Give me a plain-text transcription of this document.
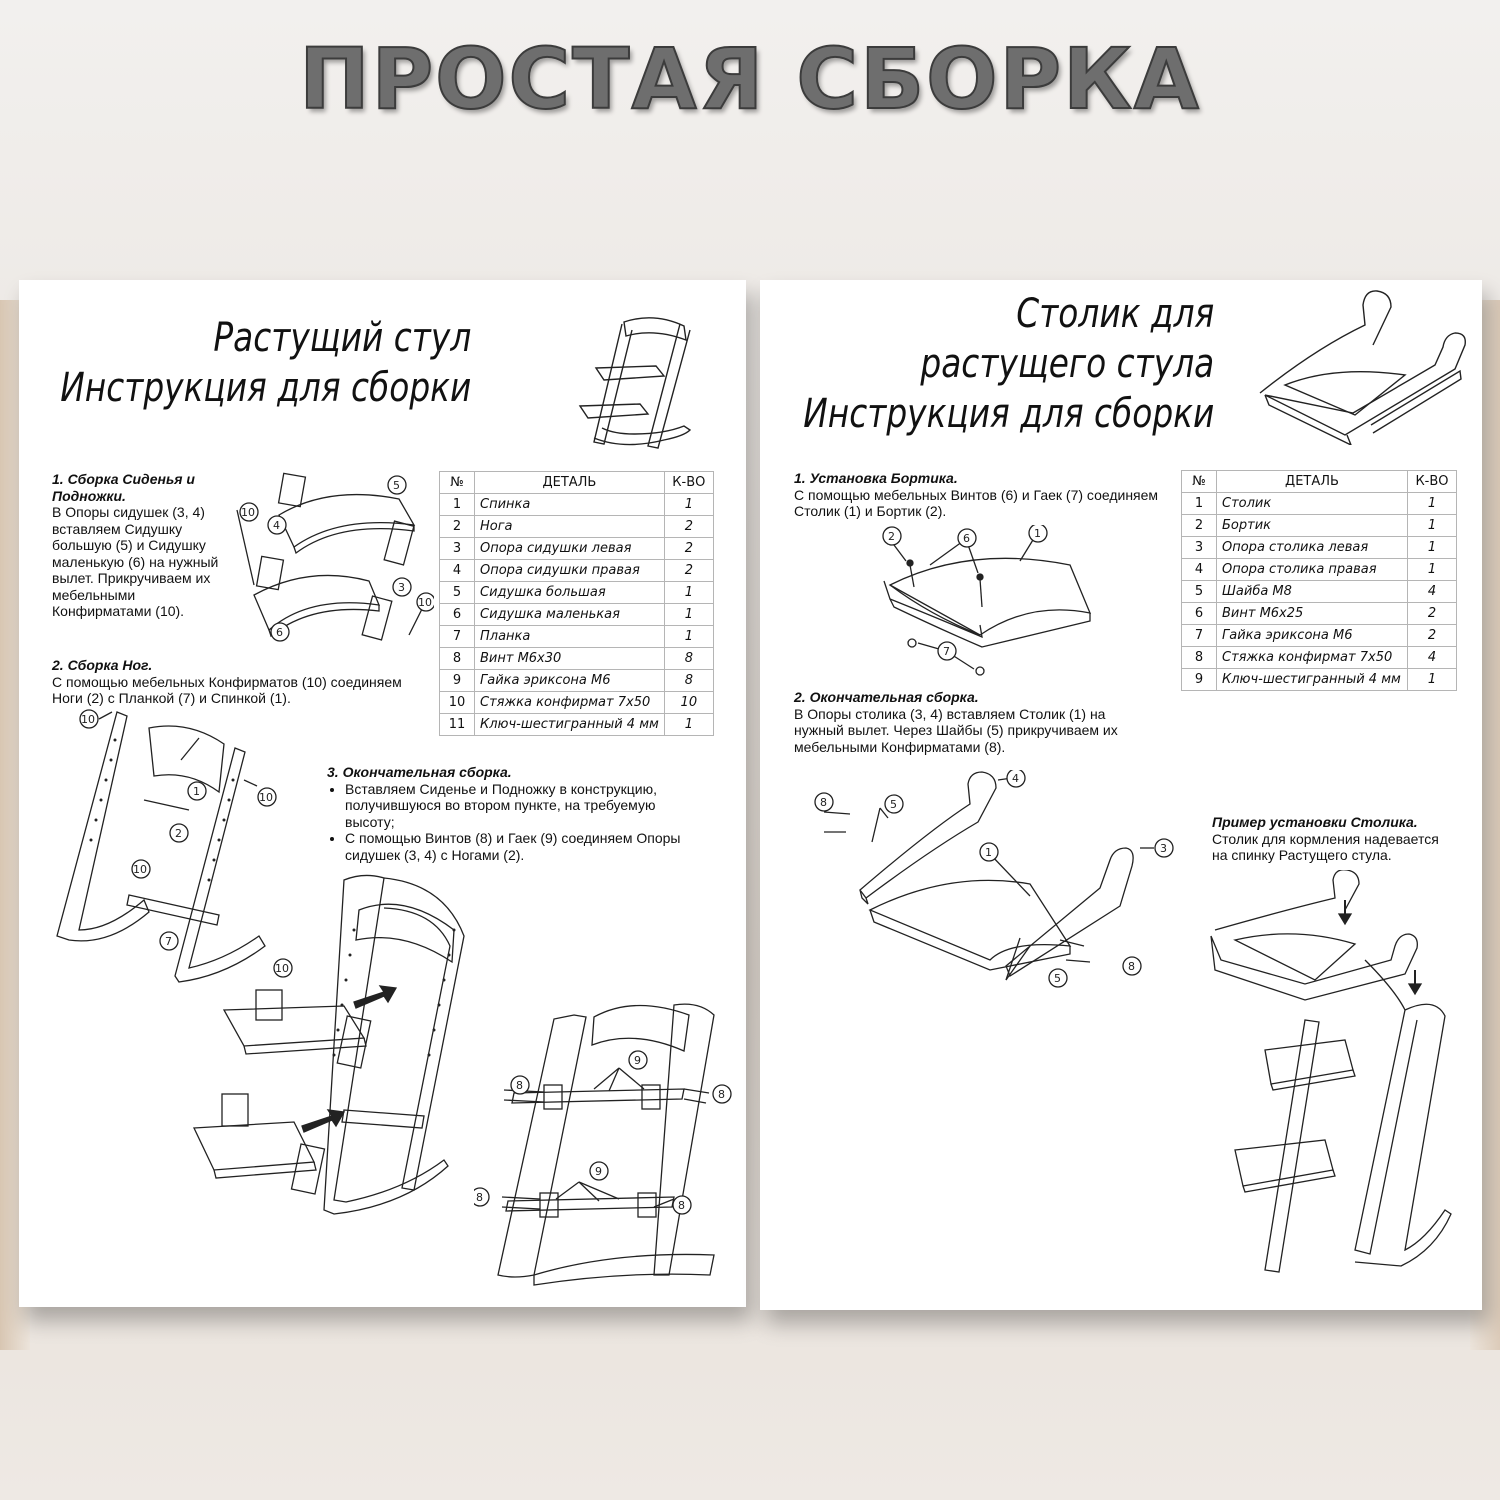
ПРОСТАЯ СБОРКА
Растущий стул
Инструкция для сборки
1. Сборка Сиденья и Подножки.
В Опоры сидушек (3, 4) вставляем Сидушку большую (5) и Сидушку маленькую (6) на нужный вылет. Прикручиваем их мебельными Конфирматами (10).
10
4
5
3
10
6
№	ДЕТАЛЬ	К-ВО
1	Спинка	1
2	Нога	2
3	Опора сидушки левая	2
4	Опора сидушки правая	2
5	Сидушка большая	1
6	Сидушка маленькая	1
7	Планка	1
8	Винт М6х30	8
9	Гайка эриксона М6	8
10	Стяжка конфирмат 7х50	10
11	Ключ-шестигранный 4 мм	1
2. Сборка Ног.
С помощью мебельных Конфирматов (10) соединяем Ноги (2) с Планкой (7) и Спинкой (1).
10
1	10
2
10
7
10
3. Окончательная сборка.
• Вставляем Сиденье и Подножку в конструкцию, получившуюся во втором пункте, на требуемую высоту;
• С помощью Винтов (8) и Гаек (9) соединяем Опоры сидушек (3, 4) с Ногами (2).
8
9
8
9
8
8
Столик для
растущего стула
Инструкция для сборки
1. Установка Бортика.
С помощью мебельных Винтов (6) и Гаек (7) соединяем Столик (1) и Бортик (2).
№	ДЕТАЛЬ	К-ВО
1	Столик	1
2	Бортик	1
3	Опора столика левая	1
4	Опора столика правая	1
5	Шайба М8	4
6	Винт М6х25	2
7	Гайка эриксона М6	2
8	Стяжка конфирмат 7х50	4
9	Ключ-шестигранный 4 мм	1
2	6	1
7
2. Окончательная сборка.
В Опоры столика (3, 4) вставляем Столик (1) на нужный вылет. Через Шайбы (5) прикручиваем их мебельными Конфирматами (8).
8	5
4
1	3
5
8
Пример установки Столика.
Столик для кормления надевается на спинку Растущего стула.
